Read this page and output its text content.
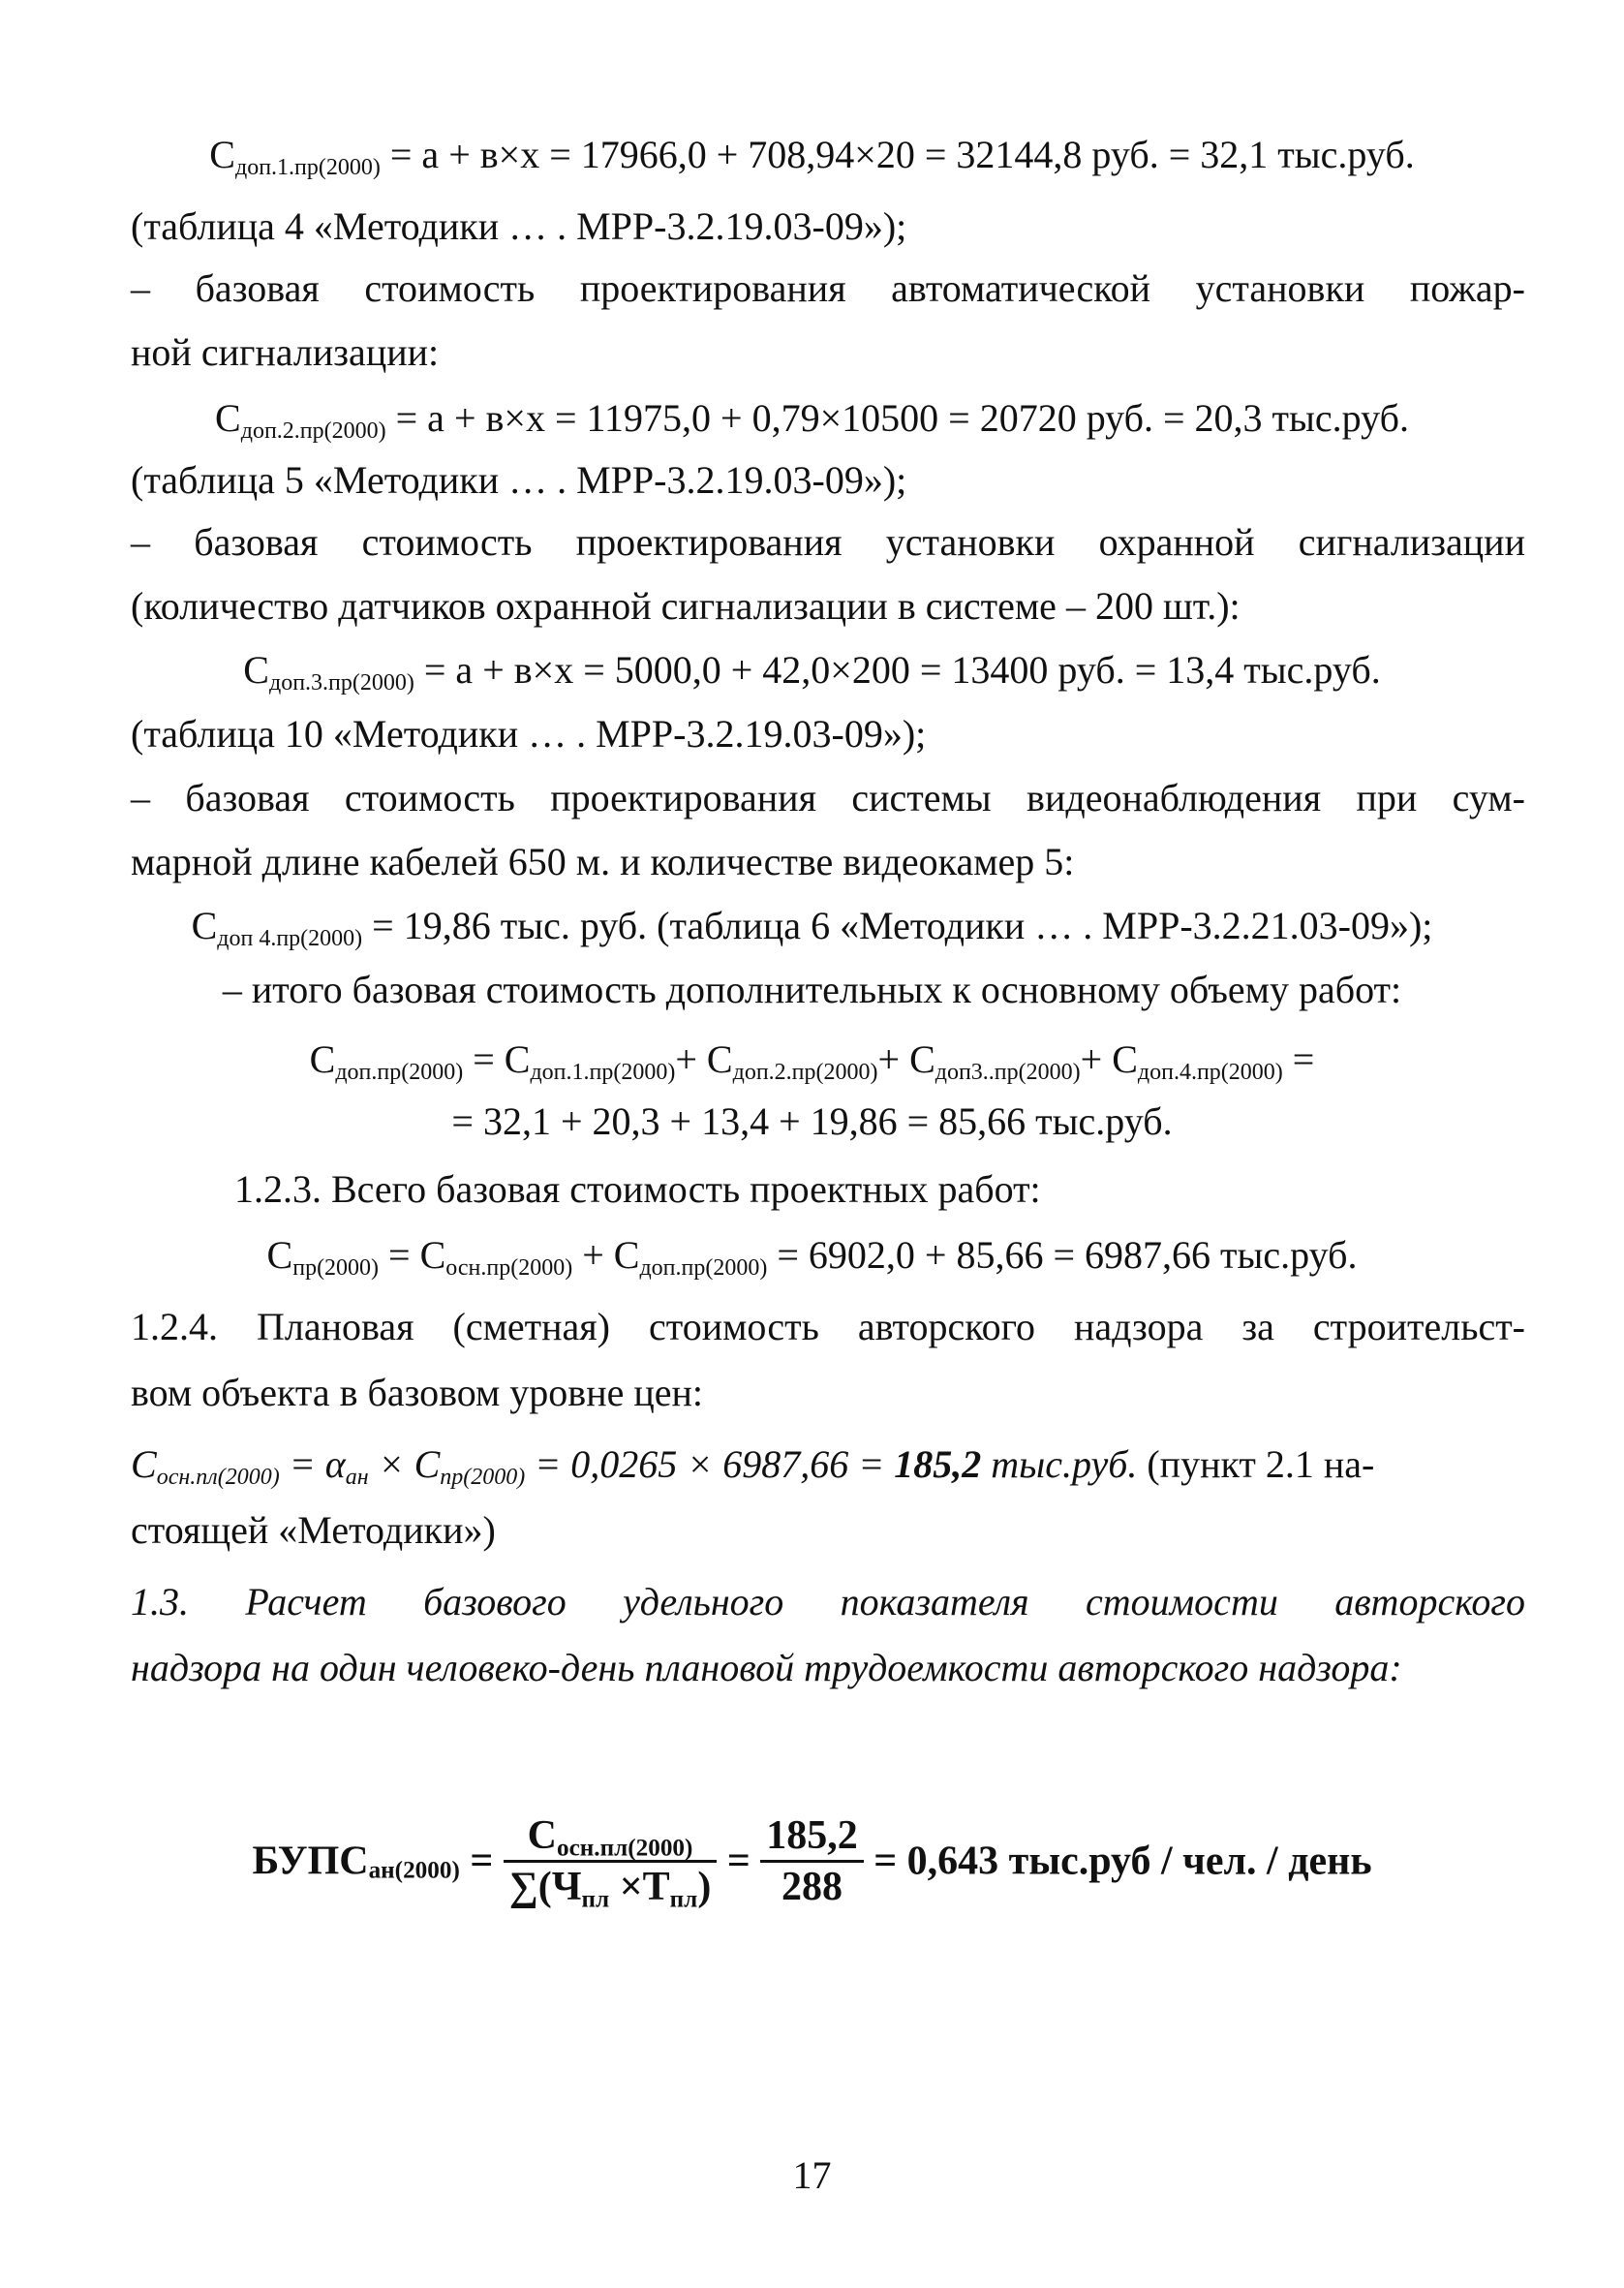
$С_{доп.1.пр(2000)} = а + в\times x = 17966,0 + 708,94\times 20 = 32144,8$ руб. = 32,1 тыс.руб.
(таблица 4 «Методики … . МРР-3.2.19.03-09»);
– базовая стоимость проектирования автоматической установки пожар-
ной сигнализации:
$С_{доп.2.пр(2000)} = а + в\times x = 11975,0 + 0,79\times 10500 = 20720$ руб. = 20,3 тыс.руб.
(таблица 5 «Методики … . МРР-3.2.19.03-09»);
– базовая стоимость проектирования установки охранной сигнализации
(количество датчиков охранной сигнализации в системе – 200 шт.):
$С_{доп.3.пр(2000)} = а + в\times x = 5000,0 + 42,0\times 200 = 13400$ руб. = 13,4 тыс.руб.
(таблица 10 «Методики … . МРР-3.2.19.03-09»);
– базовая стоимость проектирования системы видеонаблюдения при сум-
марной длине кабелей 650 м. и количестве видеокамер 5:
$С_{доп 4.пр(2000)} = 19,86$ тыс. руб. (таблица 6 «Методики … . МРР-3.2.21.03-09»);
– итого базовая стоимость дополнительных к основному объему работ:
$С_{доп.пр(2000)} = С_{доп.1.пр(2000)}+ С_{доп.2.пр(2000)}+ С_{доп3..пр(2000)}+ С_{доп.4.пр(2000)}$ =
= 32,1 + 20,3 + 13,4 + 19,86 = 85,66 тыс.руб.
1.2.3. Всего базовая стоимость проектных работ:
$С_{пр(2000)} = С_{осн.пр(2000)} + С_{доп.пр(2000)} = 6902,0 + 85,66 = 6987,66$ тыс.руб.
1.2.4. Плановая (сметная) стоимость авторского надзора за строительст-
вом объекта в базовом уровне цен:
$С_{осн.пл(2000)} = \alpha_{ан} \times С_{пр(2000)} = 0,0265 \times 6987,66 = 185,2$ тыс.руб. (пункт 2.1 на-
стоящей «Методики»)
1.3. Расчет базового удельного показателя стоимости авторского
надзора на один человеко-день плановой трудоемкости авторского надзора:
$БУПС_{ан(2000)} = \frac{С_{осн.пл(2000)}}{\sum(Ч_{пл} \times Т_{пл})} = \frac{185,2}{288} = 0,643$ тыс.руб / чел. / день
17
